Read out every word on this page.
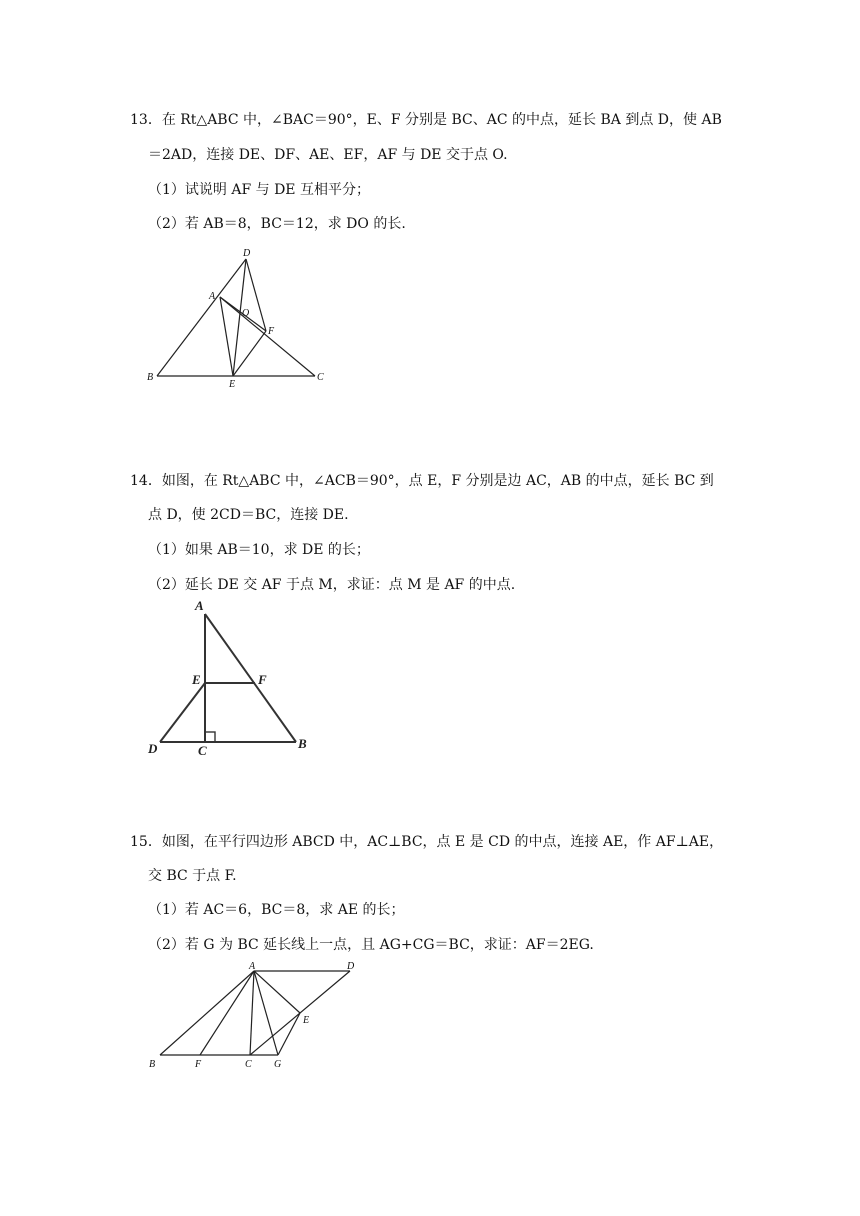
13．在 Rt△ABC 中，∠BAC＝90°，E、F 分别是 BC、AC 的中点，延长 BA 到点 D，使 AB
＝2AD，连接 DE、DF、AE、EF，AF 与 DE 交于点 O.
（1）试说明 AF 与 DE 互相平分；
（2）若 AB＝8，BC＝12，求 DO 的长.
D
A
O
F
B
E
C
14．如图，在 Rt△ABC 中，∠ACB＝90°，点 E，F 分别是边 AC，AB 的中点，延长 BC 到
点 D，使 2CD＝BC，连接 DE.
（1）如果 AB＝10，求 DE 的长；
（2）延长 DE 交 AF 于点 M，求证：点 M 是 AF 的中点.
A
E	F
D	C	B
15．如图，在平行四边形 ABCD 中，AC⊥BC，点 E 是 CD 的中点，连接 AE，作 AF⊥AE，
交 BC 于点 F.
（1）若 AC＝6，BC＝8，求 AE 的长；
（2）若 G 为 BC 延长线上一点，且 AG+CG＝BC，求证：AF＝2EG.
A	D
E
B	F	C G
